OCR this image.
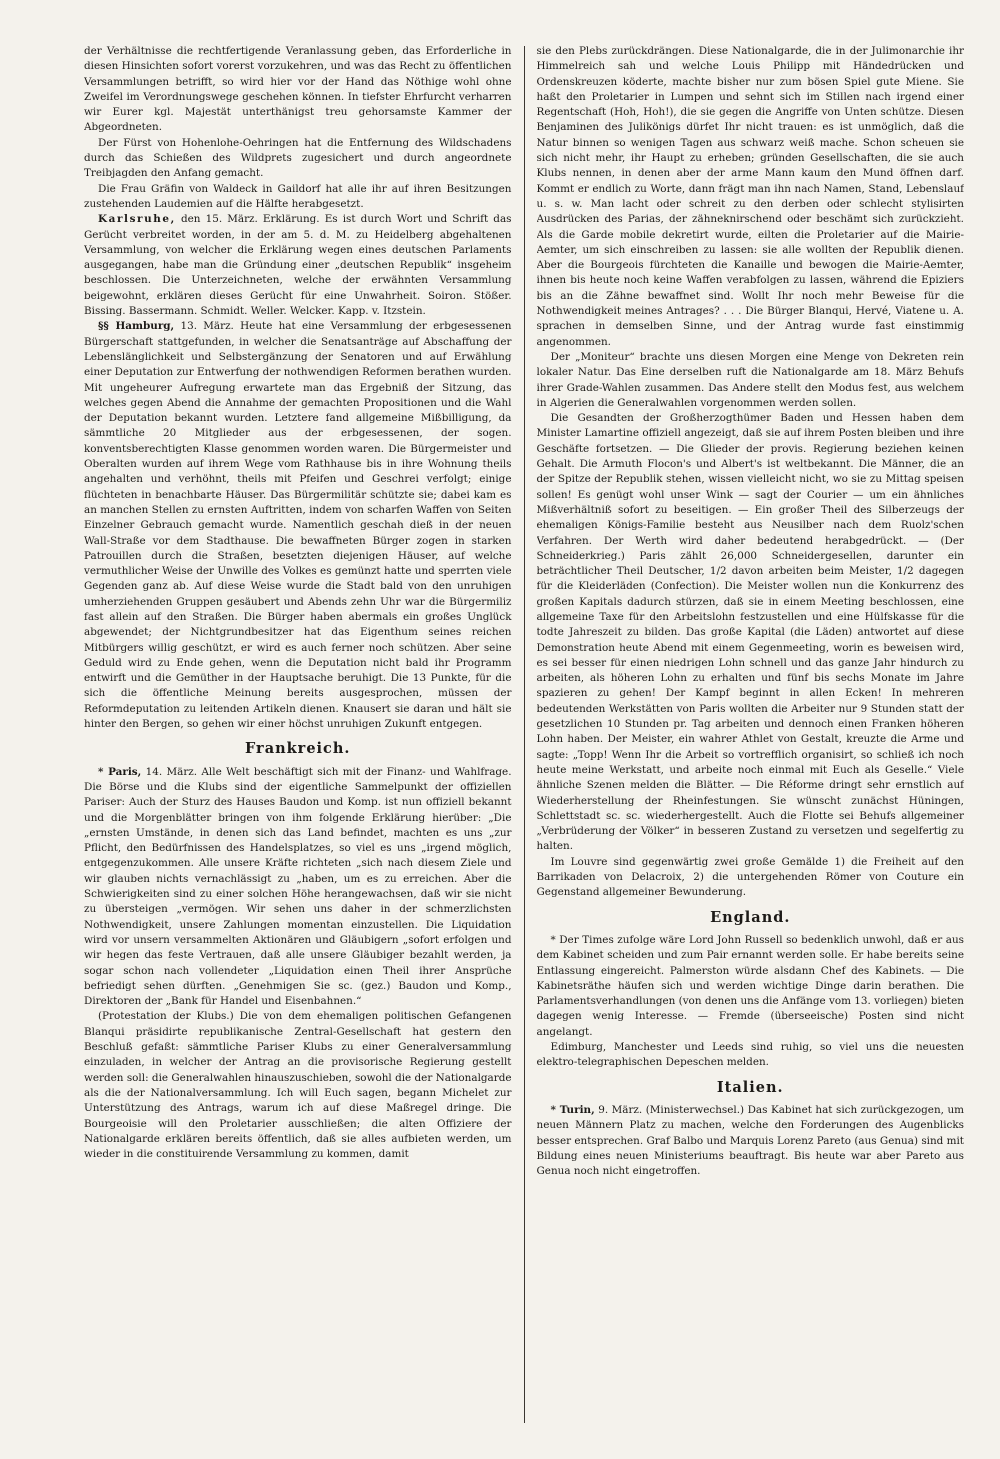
der Verhältnisse die rechtfertigende Veranlassung geben, das Erforderliche in diesen Hinsichten sofort vorerst vorzukehren, und was das Recht zu öffentlichen Versammlungen betrifft, so wird hier vor der Hand das Nöthige wohl ohne Zweifel im Verordnungswege geschehen können. In tiefster Ehrfurcht verharren wir Eurer kgl. Majestät unterthänigst treu gehorsamste Kammer der Abgeordneten.

Der Fürst von Hohenlohe-Oehringen hat die Entfernung des Wildschadens durch das Schießen des Wildprets zugesichert und durch angeordnete Treibjagden den Anfang gemacht.

Die Frau Gräfin von Waldeck in Gaildorf hat alle ihr auf ihren Besitzungen zustehenden Laudemien auf die Hälfte herabgesetzt.

Karlsruhe, den 15. März. Erklärung. Es ist durch Wort und Schrift das Gerücht verbreitet worden, in der am 5. d. M. zu Heidelberg abgehaltenen Versammlung, von welcher die Erklärung wegen eines deutschen Parlaments ausgegangen, habe man die Gründung einer „deutschen Republik“ insgeheim beschlossen. Die Unterzeichneten, welche der erwähnten Versammlung beigewohnt, erklären dieses Gerücht für eine Unwahrheit. Soiron. Stößer. Bissing. Bassermann. Schmidt. Weller. Welcker. Kapp. v. Itzstein.

§§ Hamburg, 13. März. Heute hat eine Versammlung der erbgesessenen Bürgerschaft stattgefunden, in welcher die Senatsanträge auf Abschaffung der Lebenslänglichkeit und Selbstergänzung der Senatoren und auf Erwählung einer Deputation zur Entwerfung der nothwendigen Reformen berathen wurden. Mit ungeheurer Aufregung erwartete man das Ergebniß der Sitzung, das welches gegen Abend die Annahme der gemachten Propositionen und die Wahl der Deputation bekannt wurden. Letztere fand allgemeine Mißbilligung, da sämmtliche 20 Mitglieder aus der erbgesessenen, der sogen. konventsberechtigten Klasse genommen worden waren. Die Bürgermeister und Oberalten wurden auf ihrem Wege vom Rathhause bis in ihre Wohnung theils angehalten und verhöhnt, theils mit Pfeifen und Geschrei verfolgt; einige flüchteten in benachbarte Häuser. Das Bürgermilitär schützte sie; dabei kam es an manchen Stellen zu ernsten Auftritten, indem von scharfen Waffen von Seiten Einzelner Gebrauch gemacht wurde. Namentlich geschah dieß in der neuen Wall-Straße vor dem Stadthause. Die bewaffneten Bürger zogen in starken Patrouillen durch die Straßen, besetzten diejenigen Häuser, auf welche vermuthlicher Weise der Unwille des Volkes es gemünzt hatte und sperrten viele Gegenden ganz ab. Auf diese Weise wurde die Stadt bald von den unruhigen umherziehenden Gruppen gesäubert und Abends zehn Uhr war die Bürgermiliz fast allein auf den Straßen. Die Bürger haben abermals ein großes Unglück abgewendet; der Nichtgrundbesitzer hat das Eigenthum seines reichen Mitbürgers willig geschützt, er wird es auch ferner noch schützen. Aber seine Geduld wird zu Ende gehen, wenn die Deputation nicht bald ihr Programm entwirft und die Gemüther in der Hauptsache beruhigt. Die 13 Punkte, für die sich die öffentliche Meinung bereits ausgesprochen, müssen der Reformdeputation zu leitenden Artikeln dienen. Knausert sie daran und hält sie hinter den Bergen, so gehen wir einer höchst unruhigen Zukunft entgegen.

Frankreich.

* Paris, 14. März. Alle Welt beschäftigt sich mit der Finanz- und Wahlfrage. Die Börse und die Klubs sind der eigentliche Sammelpunkt der offiziellen Pariser: Auch der Sturz des Hauses Baudon und Komp. ist nun offiziell bekannt und die Morgenblätter bringen von ihm folgende Erklärung hierüber: „Die „ernsten Umstände, in denen sich das Land befindet, machten es uns „zur Pflicht, den Bedürfnissen des Handelsplatzes, so viel es uns „irgend möglich, entgegenzukommen. Alle unsere Kräfte richteten „sich nach diesem Ziele und wir glauben nichts vernachlässigt zu „haben, um es zu erreichen. Aber die Schwierigkeiten sind zu einer solchen Höhe herangewachsen, daß wir sie nicht zu übersteigen „vermögen. Wir sehen uns daher in der schmerzlichsten Nothwendigkeit, unsere Zahlungen momentan einzustellen. Die Liquidation wird vor unsern versammelten Aktionären und Gläubigern „sofort erfolgen und wir hegen das feste Vertrauen, daß alle unsere Gläubiger bezahlt werden, ja sogar schon nach vollendeter „Liquidation einen Theil ihrer Ansprüche befriedigt sehen dürften. „Genehmigen Sie sc. (gez.) Baudon und Komp., Direktoren der „Bank für Handel und Eisenbahnen.“

(Protestation der Klubs.) Die von dem ehemaligen politischen Gefangenen Blanqui präsidirte republikanische Zentral-Gesellschaft hat gestern den Beschluß gefaßt: sämmtliche Pariser Klubs zu einer Generalversammlung einzuladen, in welcher der Antrag an die provisorische Regierung gestellt werden soll: die Generalwahlen hinauszuschieben, sowohl die der Nationalgarde als die der Nationalversammlung. Ich will Euch sagen, begann Michelet zur Unterstützung des Antrags, warum ich auf diese Maßregel dringe. Die Bourgeoisie will den Proletarier ausschließen; die alten Offiziere der Nationalgarde erklären bereits öffentlich, daß sie alles aufbieten werden, um wieder in die constituirende Versammlung zu kommen, damit

sie den Plebs zurückdrängen. Diese Nationalgarde, die in der Julimonarchie ihr Himmelreich sah und welche Louis Philipp mit Händedrücken und Ordenskreuzen köderte, machte bisher nur zum bösen Spiel gute Miene. Sie haßt den Proletarier in Lumpen und sehnt sich im Stillen nach irgend einer Regentschaft (Hoh, Hoh!), die sie gegen die Angriffe von Unten schütze. Diesen Benjaminen des Julikönigs dürfet Ihr nicht trauen: es ist unmöglich, daß die Natur binnen so wenigen Tagen aus schwarz weiß mache. Schon scheuen sie sich nicht mehr, ihr Haupt zu erheben; gründen Gesellschaften, die sie auch Klubs nennen, in denen aber der arme Mann kaum den Mund öffnen darf. Kommt er endlich zu Worte, dann frägt man ihn nach Namen, Stand, Lebenslauf u. s. w. Man lacht oder schreit zu den derben oder schlecht stylisirten Ausdrücken des Parias, der zähneknirschend oder beschämt sich zurückzieht. Als die Garde mobile dekretirt wurde, eilten die Proletarier auf die Mairie-Aemter, um sich einschreiben zu lassen: sie alle wollten der Republik dienen. Aber die Bourgeois fürchteten die Kanaille und bewogen die Mairie-Aemter, ihnen bis heute noch keine Waffen verabfolgen zu lassen, während die Epiziers bis an die Zähne bewaffnet sind. Wollt Ihr noch mehr Beweise für die Nothwendigkeit meines Antrages? . . . Die Bürger Blanqui, Hervé, Viatene u. A. sprachen in demselben Sinne, und der Antrag wurde fast einstimmig angenommen.

Der „Moniteur“ brachte uns diesen Morgen eine Menge von Dekreten rein lokaler Natur. Das Eine derselben ruft die Nationalgarde am 18. März Behufs ihrer Grade-Wahlen zusammen. Das Andere stellt den Modus fest, aus welchem in Algerien die Generalwahlen vorgenommen werden sollen.

Die Gesandten der Großherzogthümer Baden und Hessen haben dem Minister Lamartine offiziell angezeigt, daß sie auf ihrem Posten bleiben und ihre Geschäfte fortsetzen. — Die Glieder der provis. Regierung beziehen keinen Gehalt. Die Armuth Flocon's und Albert's ist weltbekannt. Die Männer, die an der Spitze der Republik stehen, wissen vielleicht nicht, wo sie zu Mittag speisen sollen! Es genügt wohl unser Wink — sagt der Courier — um ein ähnliches Mißverhältniß sofort zu beseitigen. — Ein großer Theil des Silberzeugs der ehemaligen Königs-Familie besteht aus Neusilber nach dem Ruolz'schen Verfahren. Der Werth wird daher bedeutend herabgedrückt. — (Der Schneiderkrieg.) Paris zählt 26,000 Schneidergesellen, darunter ein beträchtlicher Theil Deutscher, 1/2 davon arbeiten beim Meister, 1/2 dagegen für die Kleiderläden (Confection). Die Meister wollen nun die Konkurrenz des großen Kapitals dadurch stürzen, daß sie in einem Meeting beschlossen, eine allgemeine Taxe für den Arbeitslohn festzustellen und eine Hülfskasse für die todte Jahreszeit zu bilden. Das große Kapital (die Läden) antwortet auf diese Demonstration heute Abend mit einem Gegenmeeting, worin es beweisen wird, es sei besser für einen niedrigen Lohn schnell und das ganze Jahr hindurch zu arbeiten, als höheren Lohn zu erhalten und fünf bis sechs Monate im Jahre spazieren zu gehen! Der Kampf beginnt in allen Ecken! In mehreren bedeutenden Werkstätten von Paris wollten die Arbeiter nur 9 Stunden statt der gesetzlichen 10 Stunden pr. Tag arbeiten und dennoch einen Franken höheren Lohn haben. Der Meister, ein wahrer Athlet von Gestalt, kreuzte die Arme und sagte: „Topp! Wenn Ihr die Arbeit so vortrefflich organisirt, so schließ ich noch heute meine Werkstatt, und arbeite noch einmal mit Euch als Geselle.“ Viele ähnliche Szenen melden die Blätter. — Die Réforme dringt sehr ernstlich auf Wiederherstellung der Rheinfestungen. Sie wünscht zunächst Hüningen, Schlettstadt sc. sc. wiederhergestellt. Auch die Flotte sei Behufs allgemeiner „Verbrüderung der Völker“ in besseren Zustand zu versetzen und segelfertig zu halten.

Im Louvre sind gegenwärtig zwei große Gemälde 1) die Freiheit auf den Barrikaden von Delacroix, 2) die untergehenden Römer von Couture ein Gegenstand allgemeiner Bewunderung.

England.

* Der Times zufolge wäre Lord John Russell so bedenklich unwohl, daß er aus dem Kabinet scheiden und zum Pair ernannt werden solle. Er habe bereits seine Entlassung eingereicht. Palmerston würde alsdann Chef des Kabinets. — Die Kabinetsräthe häufen sich und werden wichtige Dinge darin berathen. Die Parlamentsverhandlungen (von denen uns die Anfänge vom 13. vorliegen) bieten dagegen wenig Interesse. — Fremde (überseeische) Posten sind nicht angelangt.

Edimburg, Manchester und Leeds sind ruhig, so viel uns die neuesten elektro-telegraphischen Depeschen melden.

Italien.

* Turin, 9. März. (Ministerwechsel.) Das Kabinet hat sich zurückgezogen, um neuen Männern Platz zu machen, welche den Forderungen des Augenblicks besser entsprechen. Graf Balbo und Marquis Lorenz Pareto (aus Genua) sind mit Bildung eines neuen Ministeriums beauftragt. Bis heute war aber Pareto aus Genua noch nicht eingetroffen.
